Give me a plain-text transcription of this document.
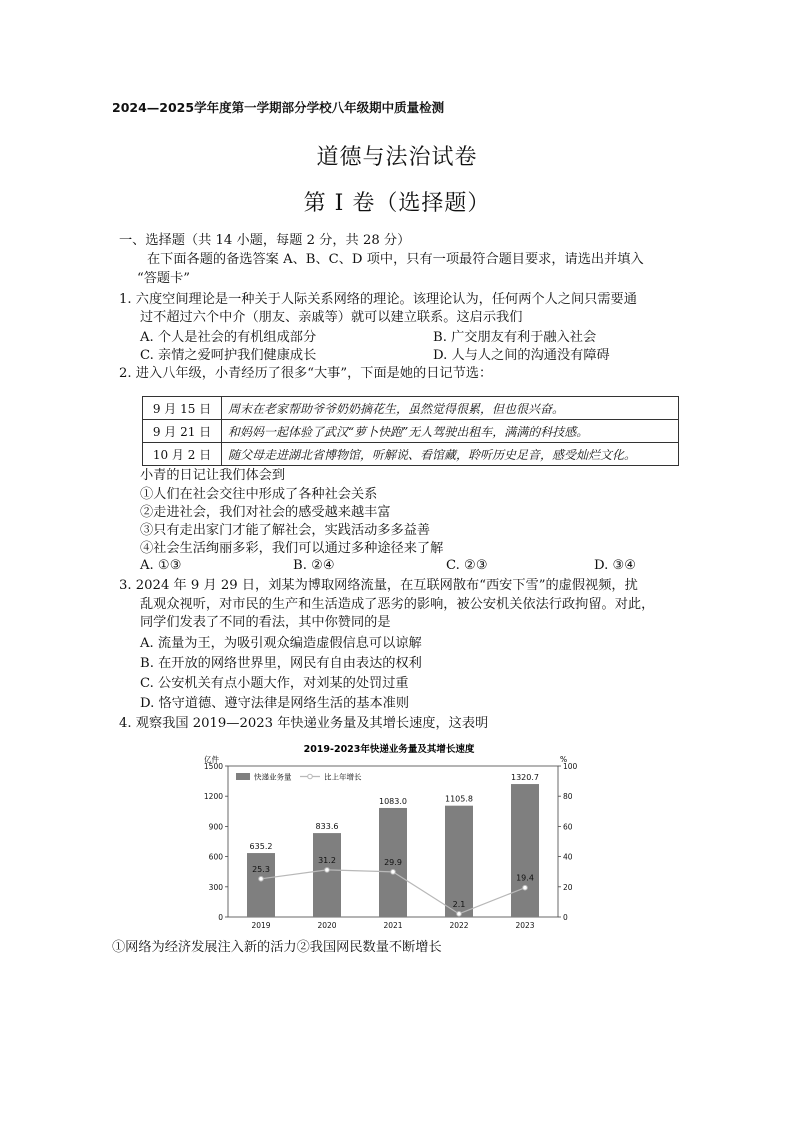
2024—2025学年度第一学期部分学校八年级期中质量检测
道德与法治试卷
第 I 卷（选择题）
一、选择题（共 14 小题，每题 2 分，共 28 分）
在下面各题的备选答案 A、B、C、D 项中，只有一项最符合题目要求，请选出并填入
“答题卡”
1. 六度空间理论是一种关于人际关系网络的理论。该理论认为，任何两个人之间只需要通
过不超过六个中介（朋友、亲戚等）就可以建立联系。这启示我们
A. 个人是社会的有机组成部分	B. 广交朋友有利于融入社会
C. 亲情之爱呵护我们健康成长	D. 人与人之间的沟通没有障碍
2. 进入八年级，小青经历了很多“大事”，下面是她的日记节选：
9 月 15 日	周末在老家帮助爷爷奶奶摘花生，虽然觉得很累，但也很兴奋。
9 月 21 日	和妈妈一起体验了武汉“萝卜快跑”无人驾驶出租车，满满的科技感。
10 月 2 日	随父母走进湖北省博物馆，听解说、看馆藏，聆听历史足音，感受灿烂文化。
小青的日记让我们体会到
①人们在社会交往中形成了各种社会关系
②走进社会，我们对社会的感受越来越丰富
③只有走出家门才能了解社会，实践活动多多益善
④社会生活绚丽多彩，我们可以通过多种途径来了解
A. ①③	B. ②④	C. ②③	D. ③④
3. 2024 年 9 月 29 日，刘某为博取网络流量，在互联网散布“西安下雪”的虚假视频，扰
乱观众视听，对市民的生产和生活造成了恶劣的影响，被公安机关依法行政拘留。对此，
同学们发表了不同的看法，其中你赞同的是
A. 流量为王，为吸引观众编造虚假信息可以谅解
B. 在开放的网络世界里，网民有自由表达的权利
C. 公安机关有点小题大作，对刘某的处罚过重
D. 恪守道德、遵守法律是网络生活的基本准则
4. 观察我国 2019—2023 年快递业务量及其增长速度，这表明
2019-2023年快递业务量及其增长速度
亿件	%
快递业务量	比上年增长
0
300
600
900
1200
1500
0
20
40
60
80
100
635.2
2019
833.6
2020
1083.0
2021
1105.8
2022
1320.7
2023
25.3
31.2	29.9
2.1
19.4
①网络为经济发展注入新的活力②我国网民数量不断增长
